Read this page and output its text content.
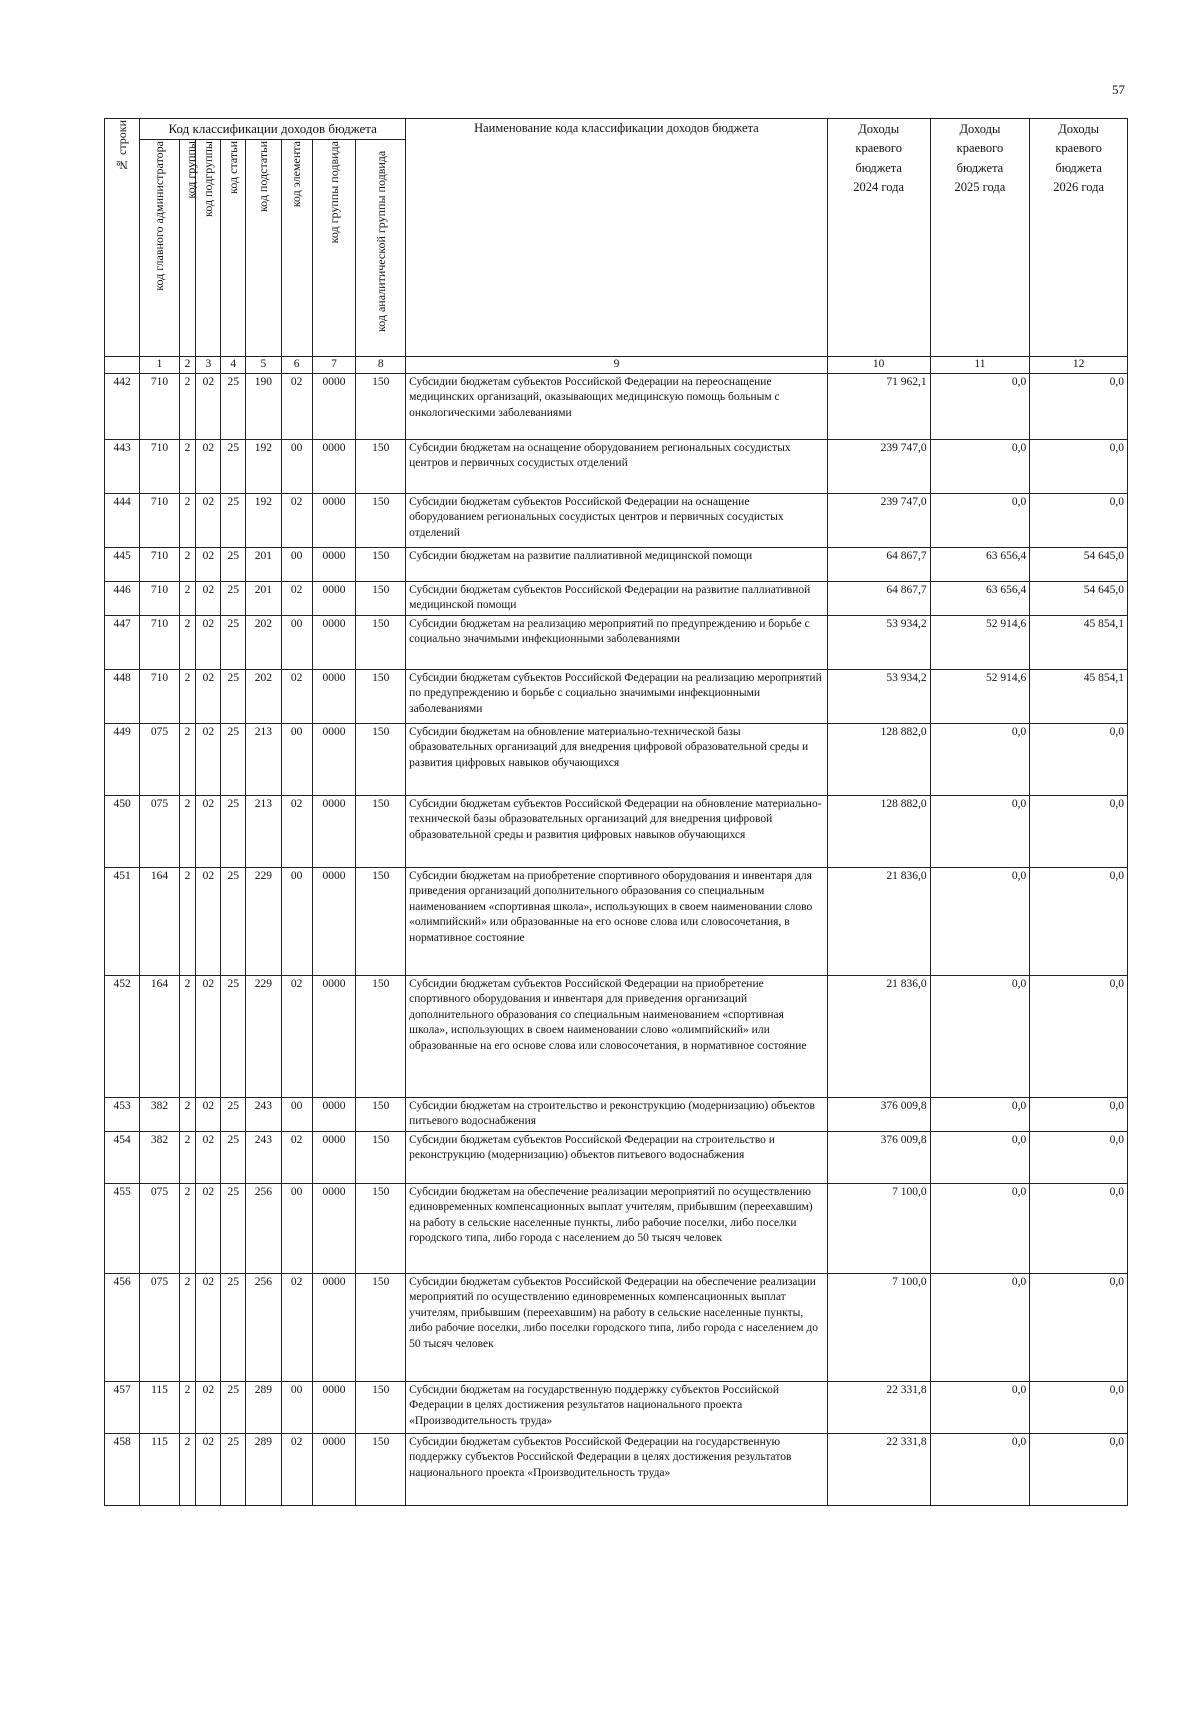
57
№ строки	Код классификации доходов бюджета								Наименование кода классификации доходов бюджета	Доходы
краевого
бюджета
2024 года	Доходы
краевого
бюджета
2025 года	Доходы
краевого
бюджета
2026 года

	код главного администратора	код группы	код подгруппы	код статьи	код подстатьи	код элемента	код группы подвида	код аналитической группы подвида				
	1	2	3	4	5	6	7	8	9	10	11	12
442	710	2	02	25	190	02	0000	150	Субсидии бюджетам субъектов Российской Федерации на переоснащение медицинских организаций, оказывающих медицинскую помощь больным с онкологическими заболеваниями	71 962,1	0,0	0,0
443	710	2	02	25	192	00	0000	150	Субсидии бюджетам на оснащение оборудованием региональных сосудистых центров и первичных сосудистых отделений	239 747,0	0,0	0,0
444	710	2	02	25	192	02	0000	150	Субсидии бюджетам субъектов Российской Федерации на оснащение оборудованием региональных сосудистых центров и первичных сосудистых отделений	239 747,0	0,0	0,0
445	710	2	02	25	201	00	0000	150	Субсидии бюджетам на развитие паллиативной медицинской помощи	64 867,7	63 656,4	54 645,0
446	710	2	02	25	201	02	0000	150	Субсидии бюджетам субъектов Российской Федерации на развитие паллиативной медицинской помощи	64 867,7	63 656,4	54 645,0
447	710	2	02	25	202	00	0000	150	Субсидии бюджетам на реализацию мероприятий по предупреждению и борьбе с социально значимыми инфекционными заболеваниями	53 934,2	52 914,6	45 854,1
448	710	2	02	25	202	02	0000	150	Субсидии бюджетам субъектов Российской Федерации на реализацию мероприятий по предупреждению и борьбе с социально значимыми инфекционными заболеваниями	53 934,2	52 914,6	45 854,1
449	075	2	02	25	213	00	0000	150	Субсидии бюджетам на обновление материально-технической базы образовательных организаций для внедрения цифровой образовательной среды и развития цифровых навыков обучающихся	128 882,0	0,0	0,0
450	075	2	02	25	213	02	0000	150	Субсидии бюджетам субъектов Российской Федерации на обновление материально-технической базы образовательных организаций для внедрения цифровой образовательной среды и развития цифровых навыков обучающихся	128 882,0	0,0	0,0
451	164	2	02	25	229	00	0000	150	Субсидии бюджетам на приобретение спортивного оборудования и инвентаря для приведения организаций дополнительного образования со специальным наименованием «спортивная школа», использующих в своем наименовании слово «олимпийский» или образованные на его основе слова или словосочетания, в нормативное состояние	21 836,0	0,0	0,0
452	164	2	02	25	229	02	0000	150	Субсидии бюджетам субъектов Российской Федерации на приобретение спортивного оборудования и инвентаря для приведения организаций дополнительного образования со специальным наименованием «спортивная школа», использующих в своем наименовании слово «олимпийский» или образованные на его основе слова или словосочетания, в нормативное состояние	21 836,0	0,0	0,0
453	382	2	02	25	243	00	0000	150	Субсидии бюджетам на строительство и реконструкцию (модернизацию) объектов питьевого водоснабжения	376 009,8	0,0	0,0
454	382	2	02	25	243	02	0000	150	Субсидии бюджетам субъектов Российской Федерации на строительство и реконструкцию (модернизацию) объектов питьевого водоснабжения	376 009,8	0,0	0,0
455	075	2	02	25	256	00	0000	150	Субсидии бюджетам на обеспечение реализации мероприятий по осуществлению единовременных компенсационных выплат учителям, прибывшим (переехавшим) на работу в сельские населенные пункты, либо рабочие поселки, либо поселки городского типа, либо города с населением до 50 тысяч человек	7 100,0	0,0	0,0
456	075	2	02	25	256	02	0000	150	Субсидии бюджетам субъектов Российской Федерации на обеспечение реализации мероприятий по осуществлению единовременных компенсационных выплат учителям, прибывшим (переехавшим) на работу в сельские населенные пункты, либо рабочие поселки, либо поселки городского типа, либо города с населением до 50 тысяч человек	7 100,0	0,0	0,0
457	115	2	02	25	289	00	0000	150	Субсидии бюджетам на государственную поддержку субъектов Российской Федерации в целях достижения результатов национального проекта «Производительность труда»	22 331,8	0,0	0,0
458	115	2	02	25	289	02	0000	150	Субсидии бюджетам субъектов Российской Федерации на государственную поддержку субъектов Российской Федерации в целях достижения результатов национального проекта «Производительность труда»	22 331,8	0,0	0,0
